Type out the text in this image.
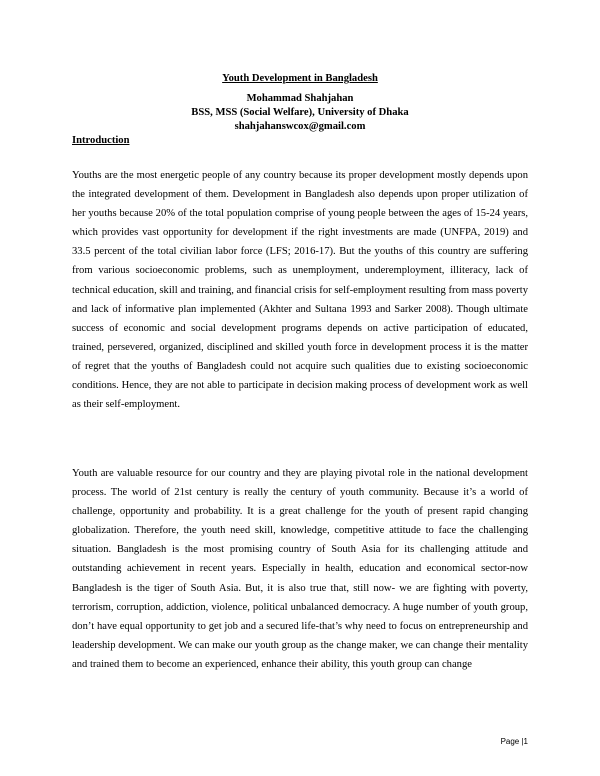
Youth Development in Bangladesh
Mohammad Shahjahan
BSS, MSS (Social Welfare), University of Dhaka
shahjahanswcox@gmail.com
Introduction

Youths are the most energetic people of any country because its proper development mostly depends upon the integrated development of them. Development in Bangladesh also depends upon proper utilization of her youths because 20% of the total population comprise of young people between the ages of 15-24 years, which provides vast opportunity for development if the right investments are made (UNFPA, 2019) and 33.5 percent of the total civilian labor force (LFS; 2016-17). But the youths of this country are suffering from various socioeconomic problems, such as unemployment, underemployment, illiteracy, lack of technical education, skill and training, and financial crisis for self-employment resulting from mass poverty and lack of informative plan implemented (Akhter and Sultana 1993 and Sarker 2008). Though ultimate success of economic and social development programs depends on active participation of educated, trained, persevered, organized, disciplined and skilled youth force in development process it is the matter of regret that the youths of Bangladesh could not acquire such qualities due to existing socioeconomic conditions. Hence, they are not able to participate in decision making process of development work as well as their self-employment.

Youth are valuable resource for our country and they are playing pivotal role in the national development process. The world of 21st century is really the century of youth community. Because it’s a world of challenge, opportunity and probability. It is a great challenge for the youth of present rapid changing globalization. Therefore, the youth need skill, knowledge, competitive attitude to face the challenging situation. Bangladesh is the most promising country of South Asia for its challenging attitude and outstanding achievement in recent years. Especially in health, education and economical sector-now Bangladesh is the tiger of South Asia. But, it is also true that, still now- we are fighting with poverty, terrorism, corruption, addiction, violence, political unbalanced democracy. A huge number of youth group, don’t have equal opportunity to get job and a secured life-that’s why need to focus on entrepreneurship and leadership development. We can make our youth group as the change maker, we can change their mentality and trained them to become an experienced, enhance their ability, this youth group can change

Page |1
